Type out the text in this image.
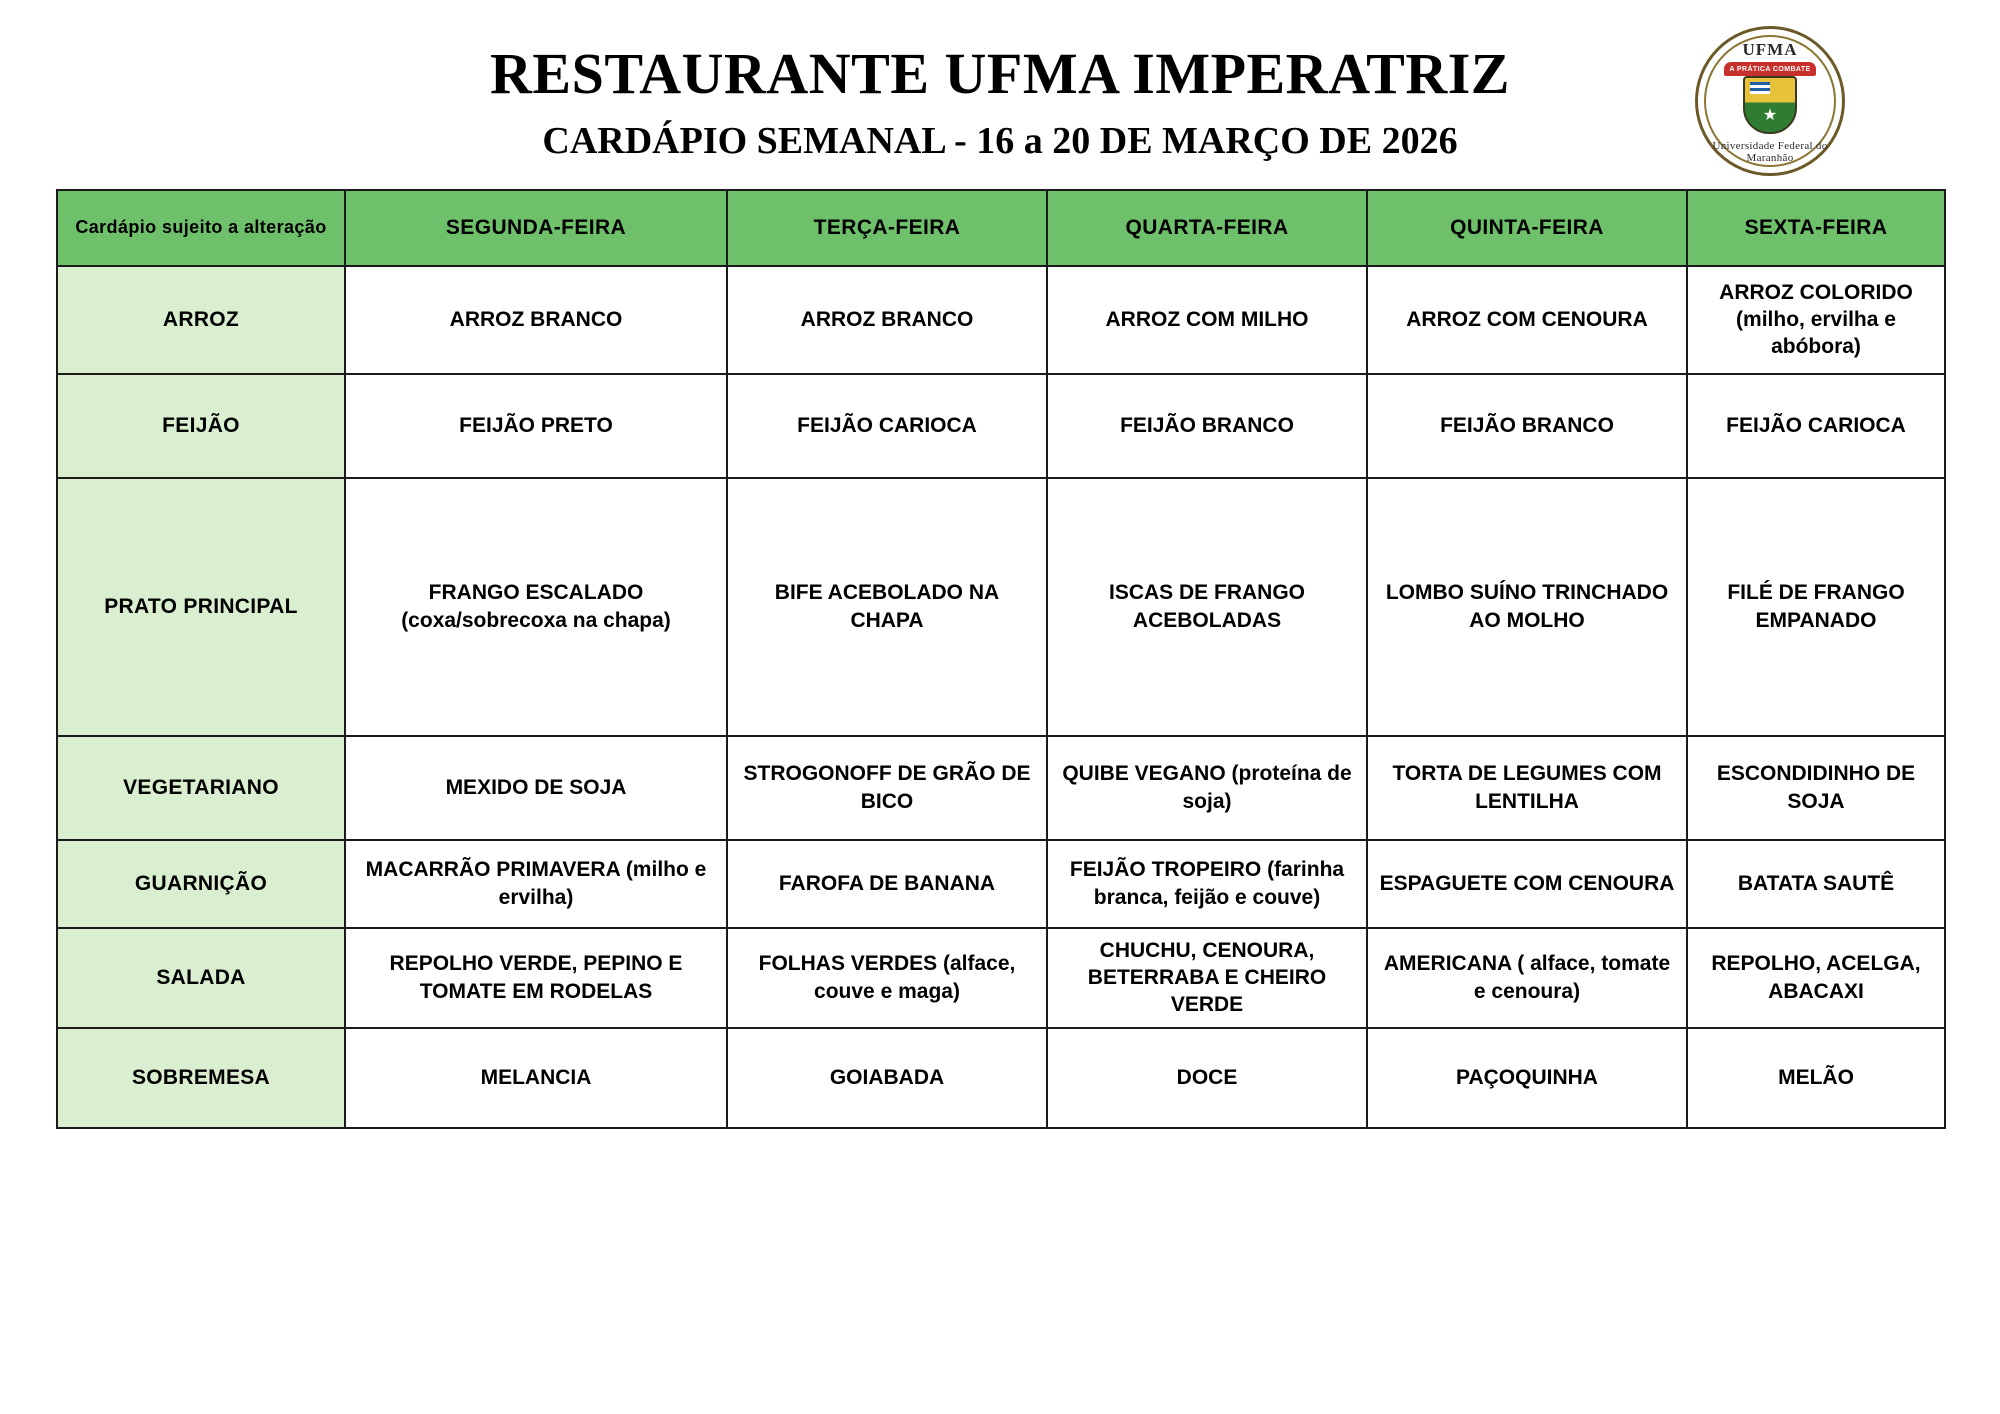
RESTAURANTE UFMA IMPERATRIZ
CARDÁPIO SEMANAL - 16 a 20 DE MARÇO DE 2026
UFMA
A PRÁTICA COMBATE
★
Universidade Federal do Maranhão
Cardápio sujeito a alteração	SEGUNDA-FEIRA	TERÇA-FEIRA	QUARTA-FEIRA	QUINTA-FEIRA	SEXTA-FEIRA
ARROZ	ARROZ BRANCO	ARROZ BRANCO	ARROZ COM MILHO	ARROZ COM CENOURA	ARROZ COLORIDO (milho, ervilha e abóbora)
FEIJÃO	FEIJÃO PRETO	FEIJÃO CARIOCA	FEIJÃO BRANCO	FEIJÃO BRANCO	FEIJÃO CARIOCA
PRATO PRINCIPAL	FRANGO ESCALADO (coxa/sobrecoxa na chapa)	BIFE ACEBOLADO NA CHAPA	ISCAS DE FRANGO ACEBOLADAS	LOMBO SUÍNO TRINCHADO AO MOLHO	FILÉ DE FRANGO EMPANADO
VEGETARIANO	MEXIDO DE SOJA	STROGONOFF DE GRÃO DE BICO	QUIBE VEGANO (proteína de soja)	TORTA DE LEGUMES COM LENTILHA	ESCONDIDINHO DE SOJA
GUARNIÇÃO	MACARRÃO PRIMAVERA (milho e ervilha)	FAROFA DE BANANA	FEIJÃO TROPEIRO (farinha branca, feijão e couve)	ESPAGUETE COM CENOURA	BATATA SAUTÊ
SALADA	REPOLHO VERDE, PEPINO E TOMATE EM RODELAS	FOLHAS VERDES (alface, couve e maga)	CHUCHU, CENOURA, BETERRABA E CHEIRO VERDE	AMERICANA ( alface, tomate e cenoura)	REPOLHO, ACELGA, ABACAXI
SOBREMESA	MELANCIA	GOIABADA	DOCE	PAÇOQUINHA	MELÃO
